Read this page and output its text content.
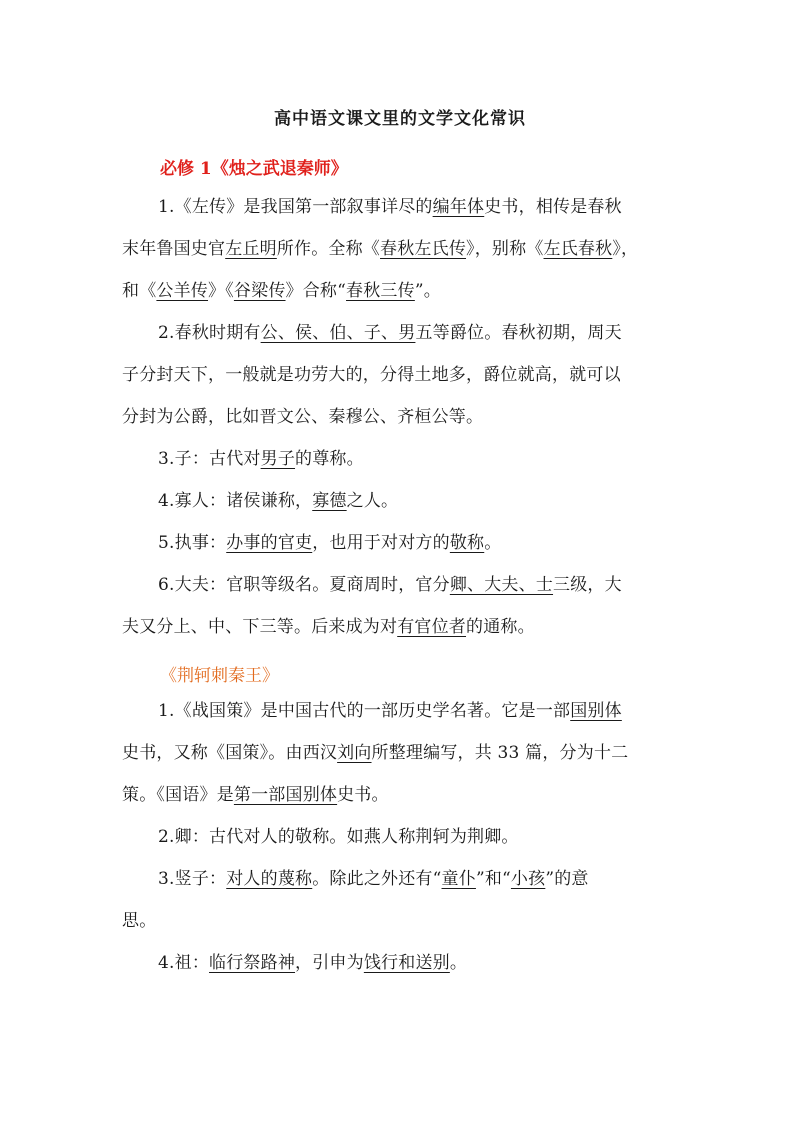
高中语文课文里的文学文化常识
必修 1《烛之武退秦师》
1.《左传》是我国第一部叙事详尽的编年体史书，相传是春秋
末年鲁国史官左丘明所作。全称《春秋左氏传》，别称《左氏春秋》，
和《公羊传》《谷梁传》合称“春秋三传”。
2.春秋时期有公、侯、伯、子、男五等爵位。春秋初期，周天
子分封天下，一般就是功劳大的，分得土地多，爵位就高，就可以
分封为公爵，比如晋文公、秦穆公、齐桓公等。
3.子：古代对男子的尊称。
4.寡人：诸侯谦称，寡德之人。
5.执事：办事的官吏，也用于对对方的敬称。
6.大夫：官职等级名。夏商周时，官分卿、大夫、士三级，大
夫又分上、中、下三等。后来成为对有官位者的通称。
《荆轲刺秦王》
1.《战国策》是中国古代的一部历史学名著。它是一部国别体
史书，又称《国策》。由西汉刘向所整理编写，共 33 篇，分为十二
策。《国语》是第一部国别体史书。
2.卿：古代对人的敬称。如燕人称荆轲为荆卿。
3.竖子：对人的蔑称。除此之外还有“童仆”和“小孩”的意
思。
4.祖：临行祭路神，引申为饯行和送别。
